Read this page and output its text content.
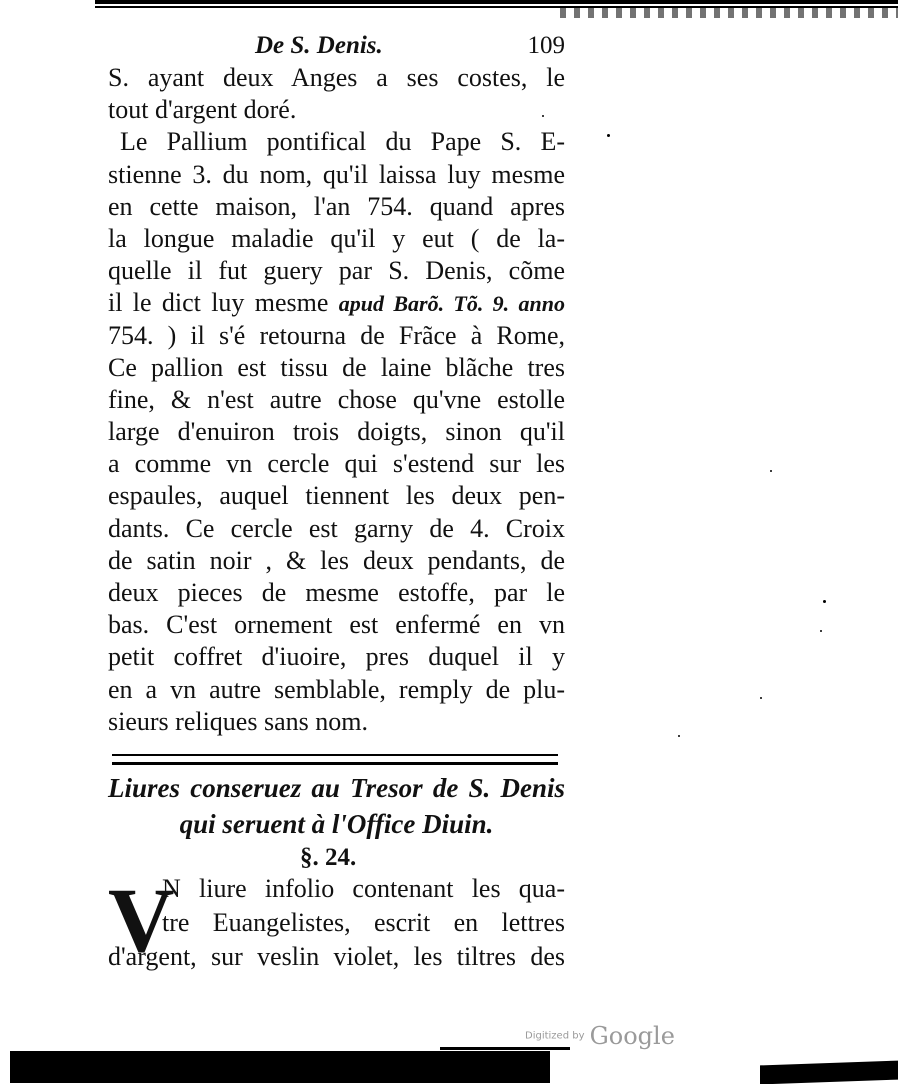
De S. Denis.	109
S. ayant deux Anges a ses costes, le
tout d'argent doré.
Le Pallium pontifical du Pape S. E-
stienne 3. du nom, qu'il laissa luy mesme
en cette maison, l'an 754. quand apres
la longue maladie qu'il y eut ( de la-
quelle il fut guery par S. Denis, cõme
il le dict luy mesme apud Barõ. Tõ. 9. anno
754. ) il s'é retourna de Frãce à Rome,
Ce pallion est tissu de laine blãche tres
fine, & n'est autre chose qu'vne estolle
large d'enuiron trois doigts, sinon qu'il
a comme vn cercle qui s'estend sur les
espaules, auquel tiennent les deux pen-
dants. Ce cercle est garny de 4. Croix
de satin noir , & les deux pendants, de
deux pieces de mesme estoffe, par le
bas. C'est ornement est enfermé en vn
petit coffret d'iuoire, pres duquel il y
en a vn autre semblable, remply de plu-
sieurs reliques sans nom.
Liures conseruez au Tresor de S. Denis
qui seruent à l'Office Diuin.
§. 24.
V
N liure infolio contenant les qua-
tre Euangelistes, escrit en lettres
d'argent, sur veslin violet, les tiltres des
Digitized by Google
